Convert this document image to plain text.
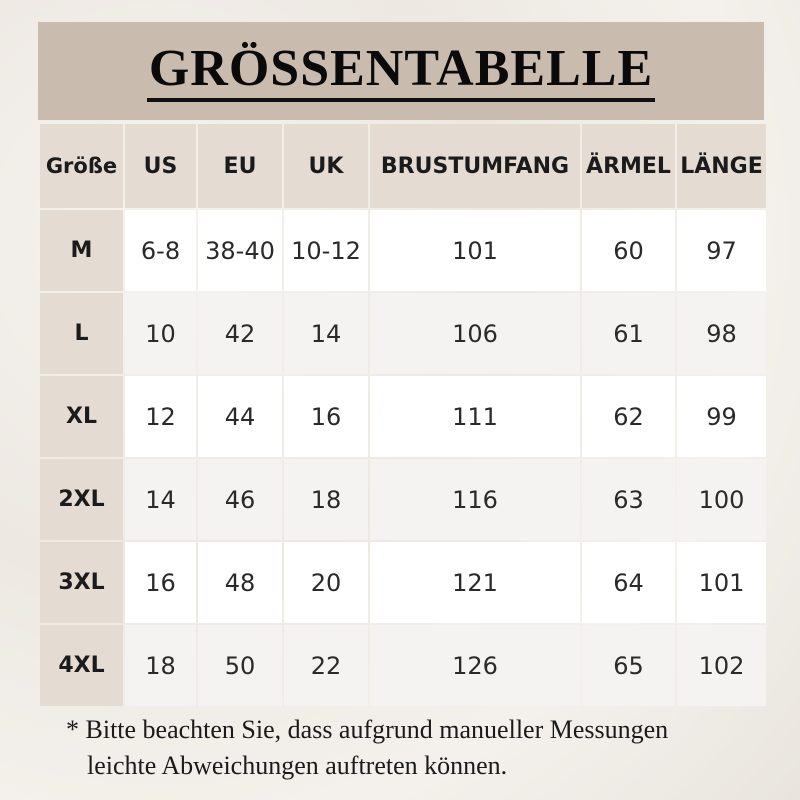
GRÖSSENTABELLE
Größe	US	EU	UK	BRUSTUMFANG	ÄRMEL	LÄNGE
M	6-8	38-40	10-12	101	60	97
L	10	42	14	106	61	98
XL	12	44	16	111	62	99
2XL	14	46	18	116	63	100
3XL	16	48	20	121	64	101
4XL	18	50	22	126	65	102
* Bitte beachten Sie, dass aufgrund manueller Messungen
leichte Abweichungen auftreten können.
